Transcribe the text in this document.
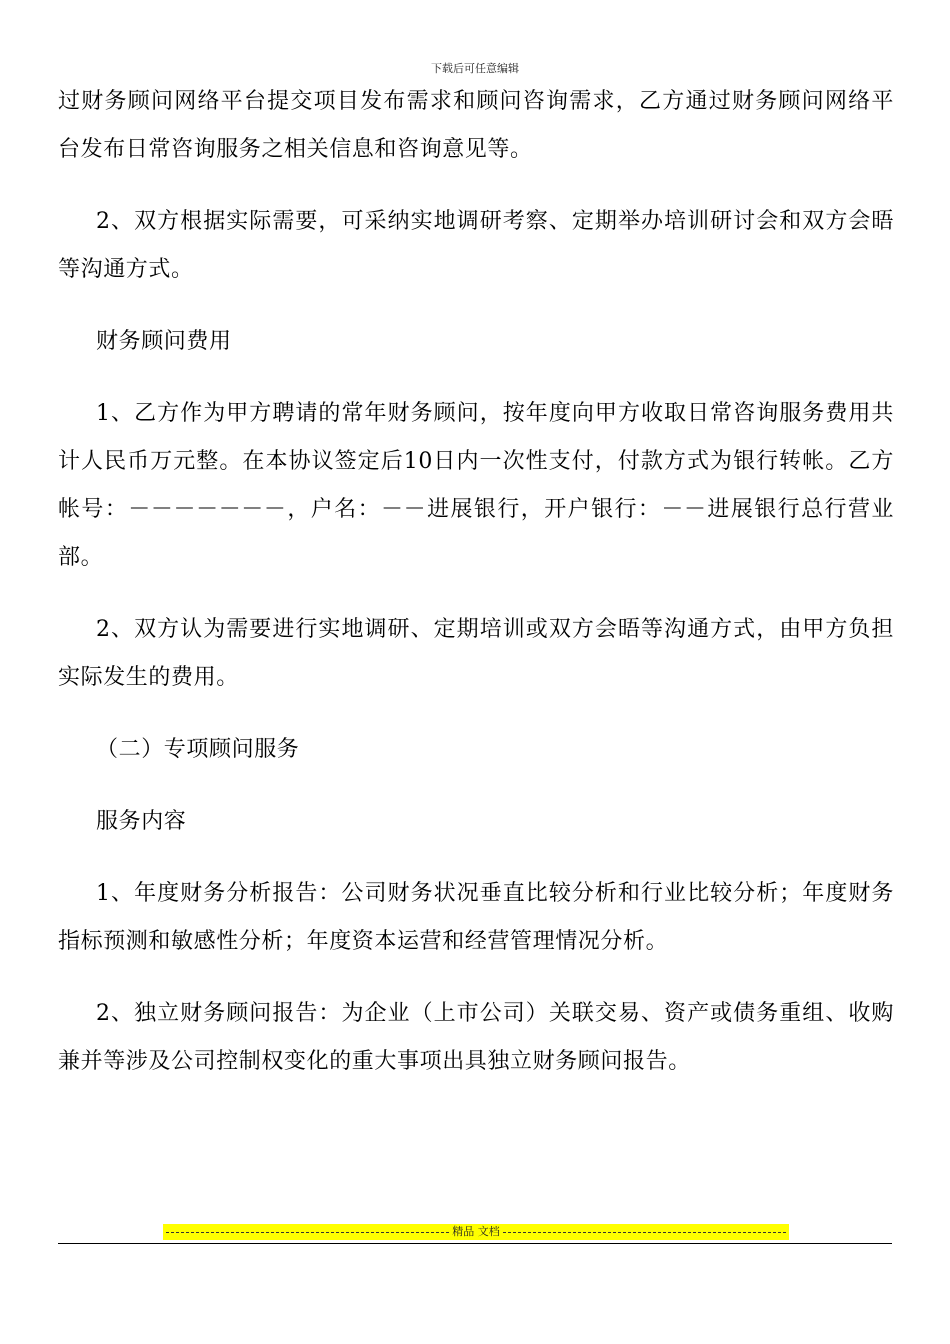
下载后可任意编辑

过财务顾问网络平台提交项目发布需求和顾问咨询需求，乙方通过财务顾问网络平台发布日常咨询服务之相关信息和咨询意见等。

2、双方根据实际需要，可采纳实地调研考察、定期举办培训研讨会和双方会晤等沟通方式。

财务顾问费用

1、乙方作为甲方聘请的常年财务顾问，按年度向甲方收取日常咨询服务费用共计人民币万元整。在本协议签定后10日内一次性支付，付款方式为银行转帐。乙方帐号：－－－－－－－，户名：－－进展银行，开户银行：－－进展银行总行营业部。

2、双方认为需要进行实地调研、定期培训或双方会晤等沟通方式，由甲方负担实际发生的费用。

（二）专项顾问服务

服务内容

1、年度财务分析报告：公司财务状况垂直比较分析和行业比较分析；年度财务指标预测和敏感性分析；年度资本运营和经营管理情况分析。

2、独立财务顾问报告：为企业（上市公司）关联交易、资产或债务重组、收购兼并等涉及公司控制权变化的重大事项出具独立财务顾问报告。

精品 文档
